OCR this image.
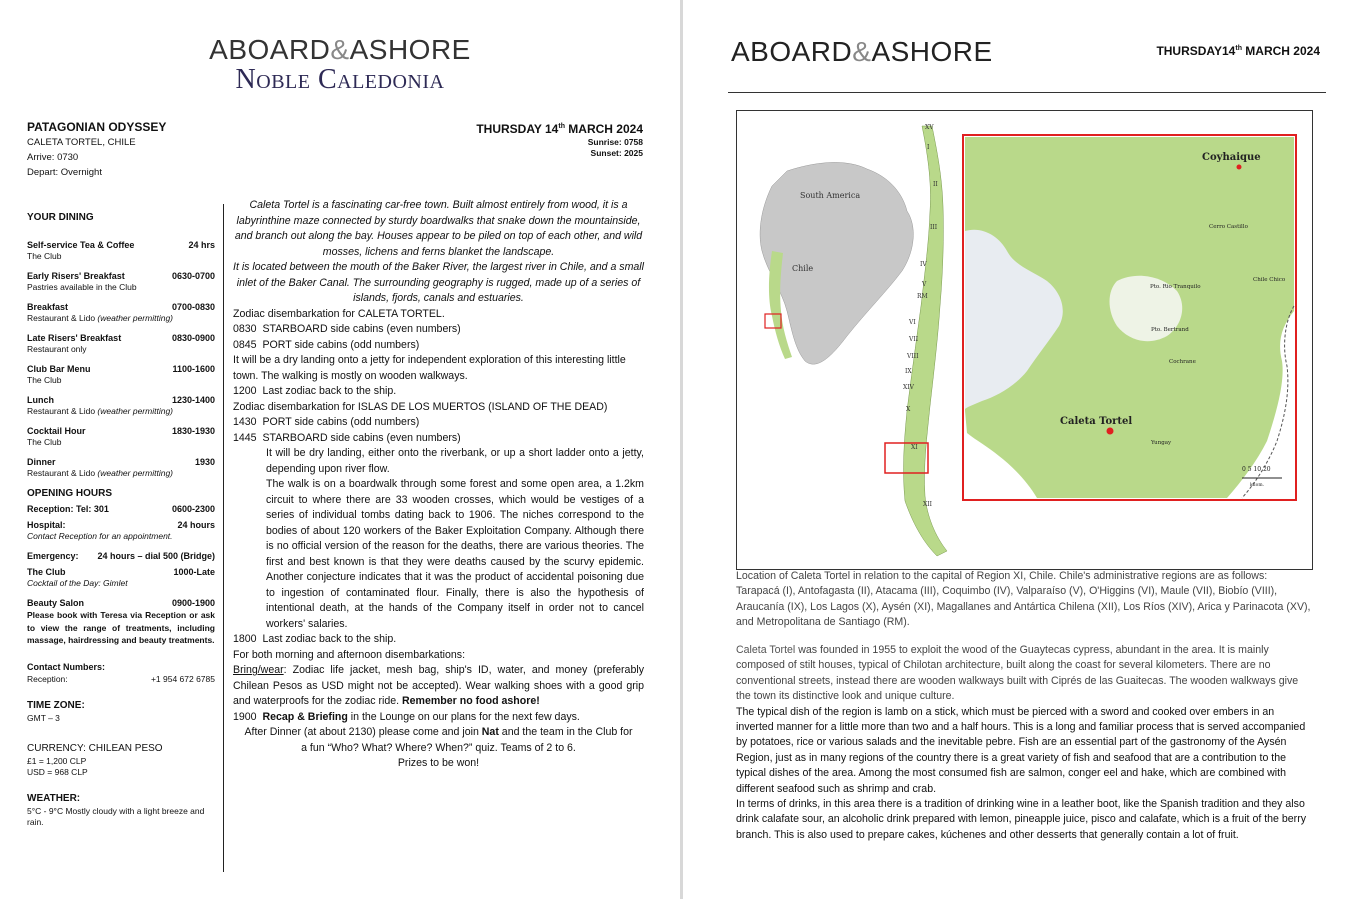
ABOARD&ASHORE
Noble Caledonia
PATAGONIAN ODYSSEY
CALETA TORTEL, CHILE
Arrive: 0730
Depart: Overnight
THURSDAY 14th MARCH 2024
Sunrise: 0758
Sunset: 2025
YOUR DINING
Self-service Tea & Coffee	24 hrs
The Club
Early Risers' Breakfast	0630-0700
Pastries available in the Club
Breakfast	0700-0830
Restaurant & Lido (weather permitting)
Late Risers' Breakfast	0830-0900
Restaurant only
Club Bar Menu	1100-1600
The Club
Lunch	1230-1400
Restaurant & Lido (weather permitting)
Cocktail Hour	1830-1930
The Club
Dinner	1930
Restaurant & Lido (weather permitting)
OPENING HOURS
Reception: Tel: 301	0600-2300
Hospital:	24 hours
Contact Reception for an appointment.
Emergency: 24 hours – dial 500 (Bridge)
The Club	1000-Late
Cocktail of the Day: Gimlet
Beauty Salon	0900-1900
Please book with Teresa via Reception or ask to view the range of treatments, including massage, hairdressing and beauty treatments.
Contact Numbers:
Reception:	+1 954 672 6785
TIME ZONE:
GMT – 3
CURRENCY: CHILEAN PESO
£1 = 1,200 CLP
USD = 968 CLP
WEATHER:
5°C - 9°C Mostly cloudy with a light breeze and rain.

Caleta Tortel is a fascinating car-free town. Built almost entirely from wood, it is a labyrinthine maze connected by sturdy boardwalks that snake down the mountainside, and branch out along the bay. Houses appear to be piled on top of each other, and wild mosses, lichens and ferns blanket the landscape.

It is located between the mouth of the Baker River, the largest river in Chile, and a small inlet of the Baker Canal. The surrounding geography is rugged, made up of a series of islands, fjords, canals and estuaries.

Zodiac disembarkation for CALETA TORTEL.

0830 STARBOARD side cabins (even numbers)

0845 PORT side cabins (odd numbers)

It will be a dry landing onto a jetty for independent exploration of this interesting little town. The walking is mostly on wooden walkways.

1200 Last zodiac back to the ship.

Zodiac disembarkation for ISLAS DE LOS MUERTOS (ISLAND OF THE DEAD)

1430 PORT side cabins (odd numbers)

1445 STARBOARD side cabins (even numbers)

It will be dry landing, either onto the riverbank, or up a short ladder onto a jetty, depending upon river flow.

The walk is on a boardwalk through some forest and some open area, a 1.2km circuit to where there are 33 wooden crosses, which would be vestiges of a series of individual tombs dating back to 1906. The niches correspond to the bodies of about 120 workers of the Baker Exploitation Company. Although there is no official version of the reason for the deaths, there are various theories. The first and best known is that they were deaths caused by the scurvy epidemic. Another conjecture indicates that it was the product of accidental poisoning due to ingestion of contaminated flour. Finally, there is also the hypothesis of intentional death, at the hands of the Company itself in order not to cancel workers' salaries.

1800 Last zodiac back to the ship.

For both morning and afternoon disembarkations:

Bring/wear: Zodiac life jacket, mesh bag, ship's ID, water, and money (preferably Chilean Pesos as USD might not be accepted). Wear walking shoes with a good grip and waterproofs for the zodiac ride. Remember no food ashore!

1900 Recap & Briefing in the Lounge on our plans for the next few days.

After Dinner (at about 2130) please come and join Nat and the team in the Club for a fun “Who? What? Where? When?” quiz. Teams of 2 to 6.
Prizes to be won!

ABOARD&ASHORE	THURSDAY14th MARCH 2024
South America
Chile
XV
I
II
III
IV
V
RM
VI
VII
VIII
IX
XIV
X
XI
XII
Coyhaique
Cerro Castillo
Chile Chico
Pto. Rio Tranquilo
Pto. Bertrand
Cochrane
Caleta Tortel
Yungay
0 5 10 20
kilom.
Location of Caleta Tortel in relation to the capital of Region XI, Chile. Chile's administrative regions are as follows: Tarapacá (I), Antofagasta (II), Atacama (III), Coquimbo (IV), Valparaíso (V), O'Higgins (VI), Maule (VII), Biobío (VIII), Araucanía (IX), Los Lagos (X), Aysén (XI), Magallanes and Antártica Chilena (XII), Los Ríos (XIV), Arica y Parinacota (XV), and Metropolitana de Santiago (RM).

Caleta Tortel was founded in 1955 to exploit the wood of the Guaytecas cypress, abundant in the area. It is mainly composed of stilt houses, typical of Chilotan architecture, built along the coast for several kilometers. There are no conventional streets, instead there are wooden walkways built with Ciprés de las Guaitecas. The wooden walkways give the town its distinctive look and unique culture.

The typical dish of the region is lamb on a stick, which must be pierced with a sword and cooked over embers in an inverted manner for a little more than two and a half hours. This is a long and familiar process that is served accompanied by potatoes, rice or various salads and the inevitable pebre. Fish are an essential part of the gastronomy of the Aysén Region, just as in many regions of the country there is a great variety of fish and seafood that are a contribution to the typical dishes of the area. Among the most consumed fish are salmon, conger eel and hake, which are combined with different seafood such as shrimp and crab.

In terms of drinks, in this area there is a tradition of drinking wine in a leather boot, like the Spanish tradition and they also drink calafate sour, an alcoholic drink prepared with lemon, pineapple juice, pisco and calafate, which is a fruit of the berry branch. This is also used to prepare cakes, kúchenes and other desserts that generally contain a lot of fruit.
